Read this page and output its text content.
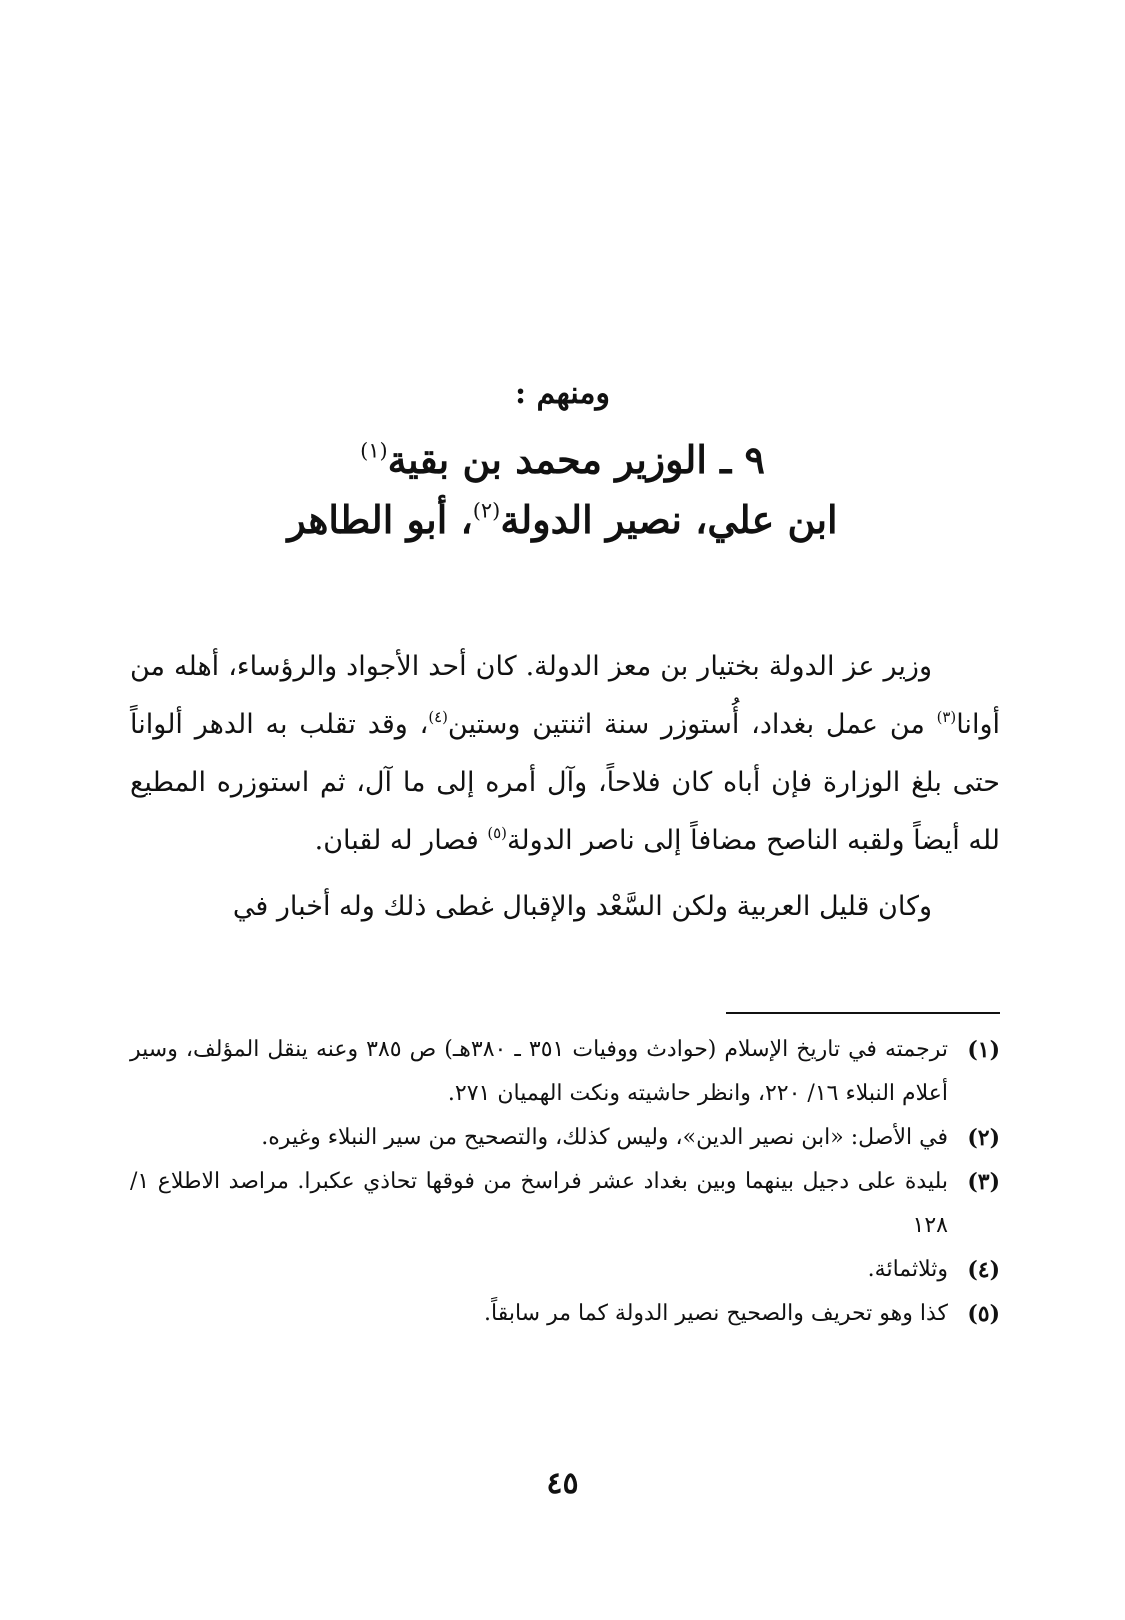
ومنهم :
٩ ـ الوزير محمد بن بقية$^{(١)}$
ابن علي، نصير الدولة$^{(٢)}$، أبو الطاهر

وزير عز الدولة بختيار بن معز الدولة. كان أحد الأجواد والرؤساء، أهله من أوانا$^{(٣)}$ من عمل بغداد، أُستوزر سنة اثنتين وستين$^{(٤)}$، وقد تقلب به الدهر ألواناً حتى بلغ الوزارة فإن أباه كان فلاحاً، وآل أمره إلى ما آل، ثم استوزره المطيع لله أيضاً ولقبه الناصح مضافاً إلى ناصر الدولة$^{(٥)}$ فصار له لقبان.

وكان قليل العربية ولكن السَّعْد والإقبال غطى ذلك وله أخبار في

(١)
ترجمته في تاريخ الإسلام (حوادث ووفيات ٣٥١ ـ ٣٨٠هـ) ص ٣٨٥ وعنه ينقل المؤلف، وسير أعلام النبلاء ١٦/ ٢٢٠، وانظر حاشيته ونكت الهميان ٢٧١.
(٢)
في الأصل: «ابن نصير الدين»، وليس كذلك، والتصحيح من سير النبلاء وغيره.
(٣)
بليدة على دجيل بينهما وبين بغداد عشر فراسخ من فوقها تحاذي عكبرا. مراصد الاطلاع ١/ ١٢٨
(٤)
وثلاثمائة.
(٥)
كذا وهو تحريف والصحيح نصير الدولة كما مر سابقاً.
٤٥
